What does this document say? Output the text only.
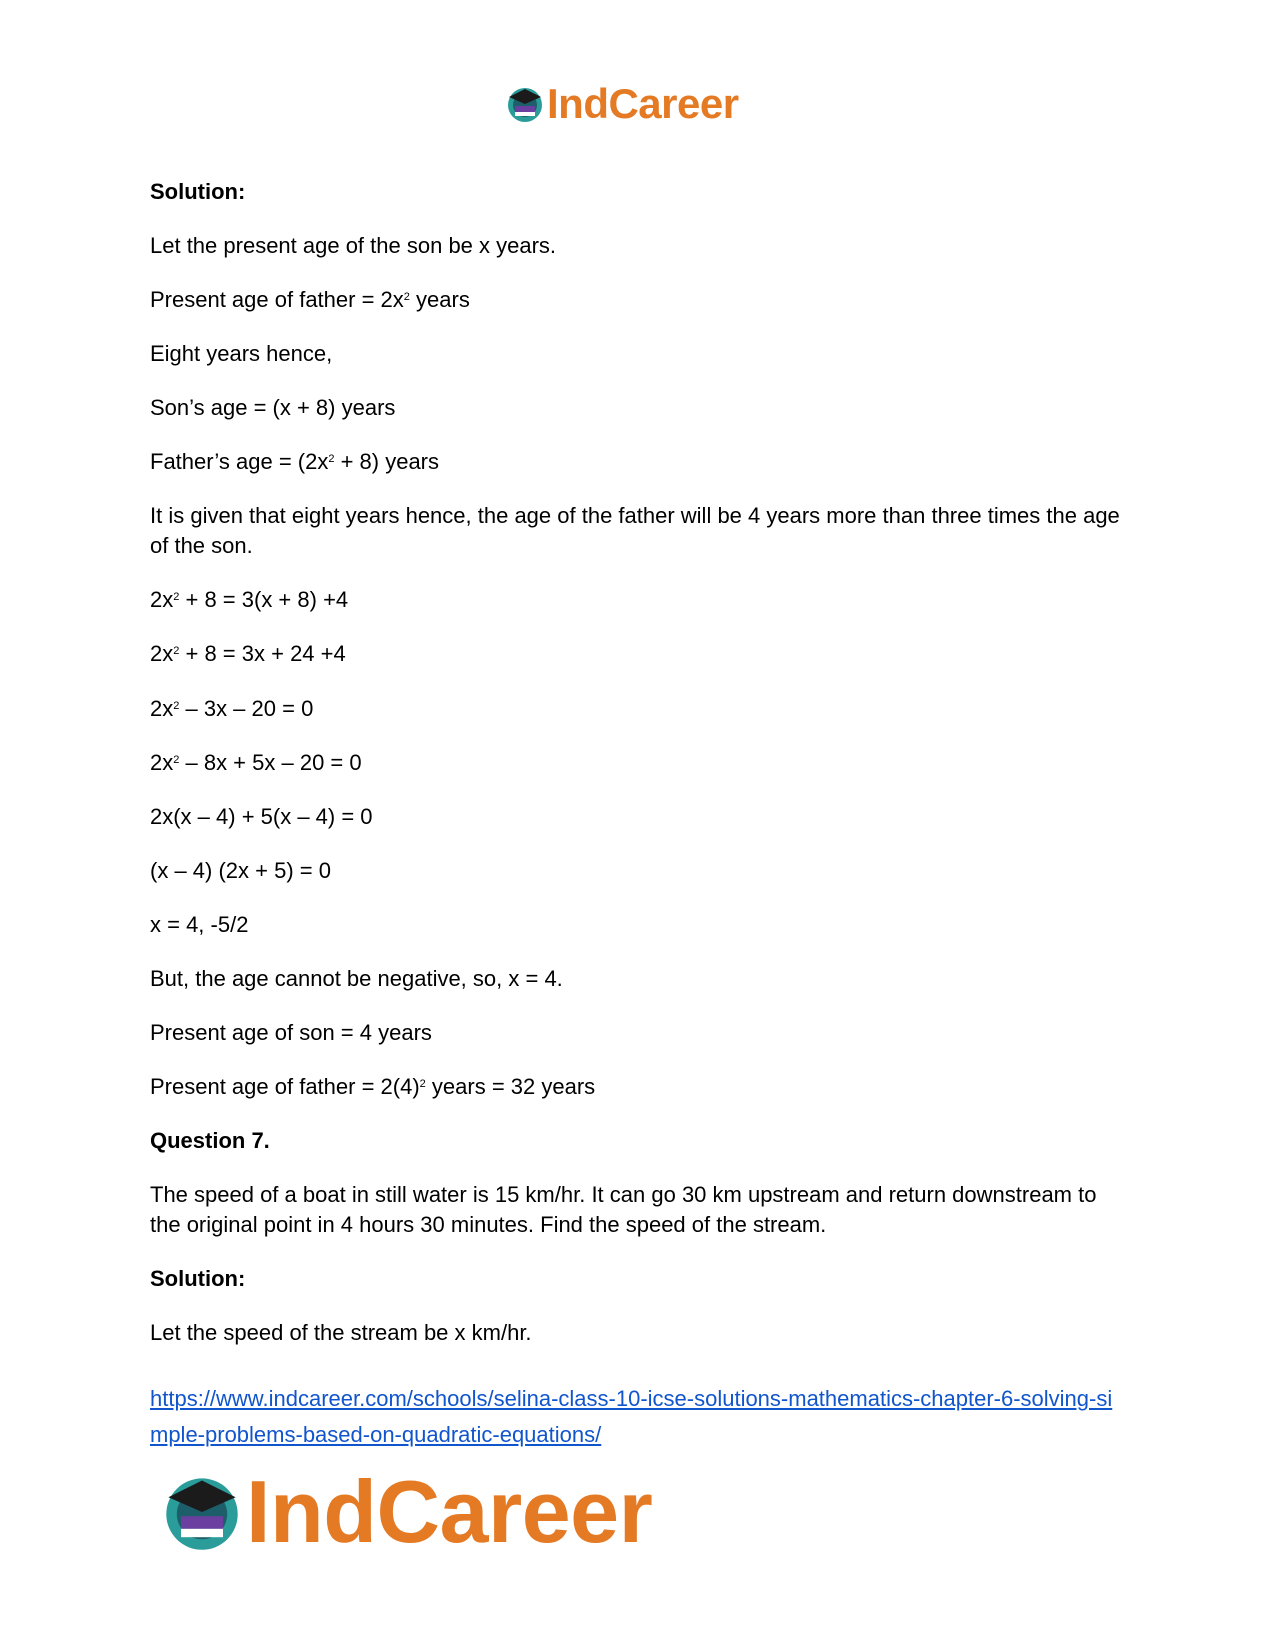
IndCareer
Solution:
Let the present age of the son be x years.
Present age of father = $2x^2$ years
Eight years hence,
Son’s age = (x + 8) years
Father’s age = $(2x^2 + 8)$ years
It is given that eight years hence, the age of the father will be 4 years more than three times the age of the son.
$2x^2 + 8 = 3(x + 8) +4$
$2x^2 + 8 = 3x + 24 +4$
$2x^2 - 3x - 20 = 0$
$2x^2 - 8x + 5x - 20 = 0$
2x(x – 4) + 5(x – 4) = 0
(x – 4) (2x + 5) = 0
x = 4, -5/2
But, the age cannot be negative, so, x = 4.
Present age of son = 4 years
Present age of father = $2(4)^2$ years = 32 years
Question 7.
The speed of a boat in still water is 15 km/hr. It can go 30 km upstream and return downstream to the original point in 4 hours 30 minutes. Find the speed of the stream.
Solution:
Let the speed of the stream be x km/hr.
https://www.indcareer.com/schools/selina-class-10-icse-solutions-mathematics-chapter-6-solving-simple-problems-based-on-quadratic-equations/
IndCareer
